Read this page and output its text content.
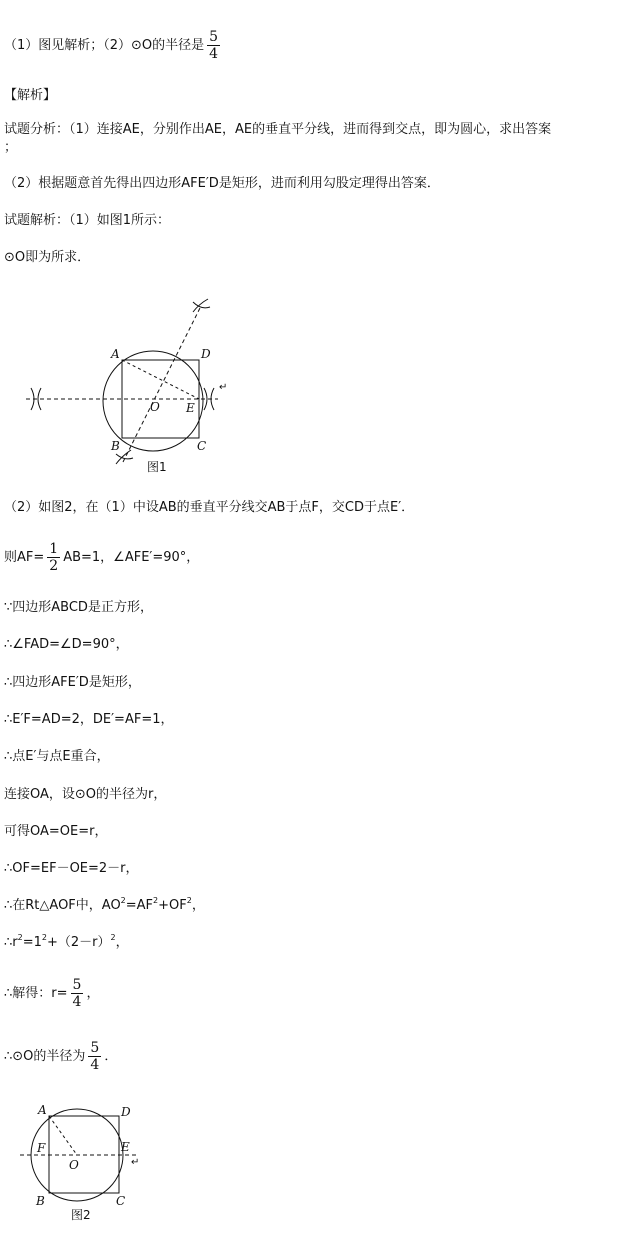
（1）图见解析；（2）⊙O的半径是 $\frac{5}{4}$
【解析】
试题分析：（1）连接AE，分别作出AE，AE的垂直平分线，进而得到交点，即为圆心，求出答案
；
（2）根据题意首先得出四边形AFE′D是矩形，进而利用勾股定理得出答案．
试题解析：（1）如图1所示：
⊙O即为所求．
A	D
O E
B	C
↵
图1
（2）如图2，在（1）中设AB的垂直平分线交AB于点F，交CD于点E′．
则$AF= \frac{1}{2} AB=1$，∠AFE′=90°，
∵四边形ABCD是正方形，
∴∠FAD=∠D=90°，
∴四边形AFE′D是矩形，
∴E′F=AD=2，DE′=AF=1，
∴点E′与点E重合，
连接OA，设⊙O的半径为r，
可得OA=OE=r，
∴OF=EF－OE=2－r，
∴在Rt△AOF中，$AO^2=AF^2+OF^2$，
$\therefore r^2=1^2+(2-r)^2$，
∴解得：$r= \frac{5}{4}$ ，
∴⊙O的半径为 $\frac{5}{4}$ ．
A	D
F
O
E
B	C
↵
图2
